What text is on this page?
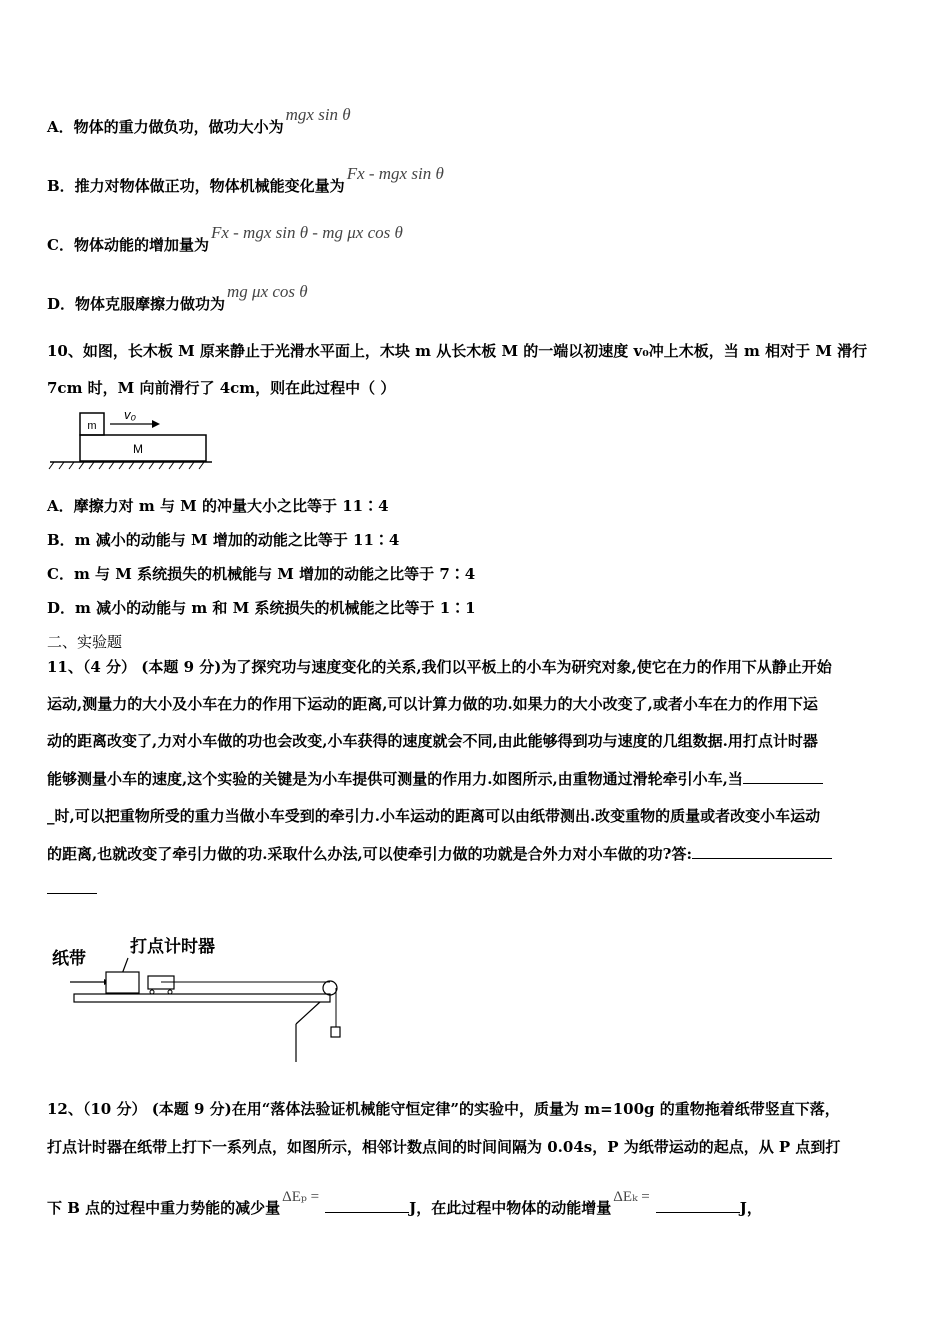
A．物体的重力做负功，做功大小为mgx sin θ
B．推力对物体做正功，物体机械能变化量为Fx - mgx sin θ
C．物体动能的增加量为Fx - mgx sin θ - mg μx cos θ
D．物体克服摩擦力做功为mg μx cos θ
10、如图，长木板 M 原来静止于光滑水平面上，木块 m 从长木板 M 的一端以初速度 v₀冲上木板，当 m 相对于 M 滑行
7cm 时，M 向前滑行了 4cm，则在此过程中（ ）
m
v₀
M
A．摩擦力对 m 与 M 的冲量大小之比等于 11∶4
B．m 减小的动能与 M 增加的动能之比等于 11∶4
C．m 与 M 系统损失的机械能与 M 增加的动能之比等于 7∶4
D．m 减小的动能与 m 和 M 系统损失的机械能之比等于 1∶1
二、实验题
11、（4 分） (本题 9 分)为了探究功与速度变化的关系,我们以平板上的小车为研究对象,使它在力的作用下从静止开始
运动,测量力的大小及小车在力的作用下运动的距离,可以计算力做的功.如果力的大小改变了,或者小车在力的作用下运
动的距离改变了,力对小车做的功也会改变,小车获得的速度就会不同,由此能够得到功与速度的几组数据.用打点计时器
能够测量小车的速度,这个实验的关键是为小车提供可测量的作用力.如图所示,由重物通过滑轮牵引小车,当
_时,可以把重物所受的重力当做小车受到的牵引力.小车运动的距离可以由纸带测出.改变重物的质量或者改变小车运动
的距离,也就改变了牵引力做的功.采取什么办法,可以使牵引力做的功就是合外力对小车做的功?答:
纸带
打点计时器
12、（10 分） (本题 9 分)在用“落体法验证机械能守恒定律”的实验中，质量为 m=100g 的重物拖着纸带竖直下落，
打点计时器在纸带上打下一系列点，如图所示，相邻计数点间的时间间隔为 0.04s，P 为纸带运动的起点，从 P 点到打
下 B 点的过程中重力势能的减少量ΔEₚ =J，在此过程中物体的动能增量ΔEₖ =J，
